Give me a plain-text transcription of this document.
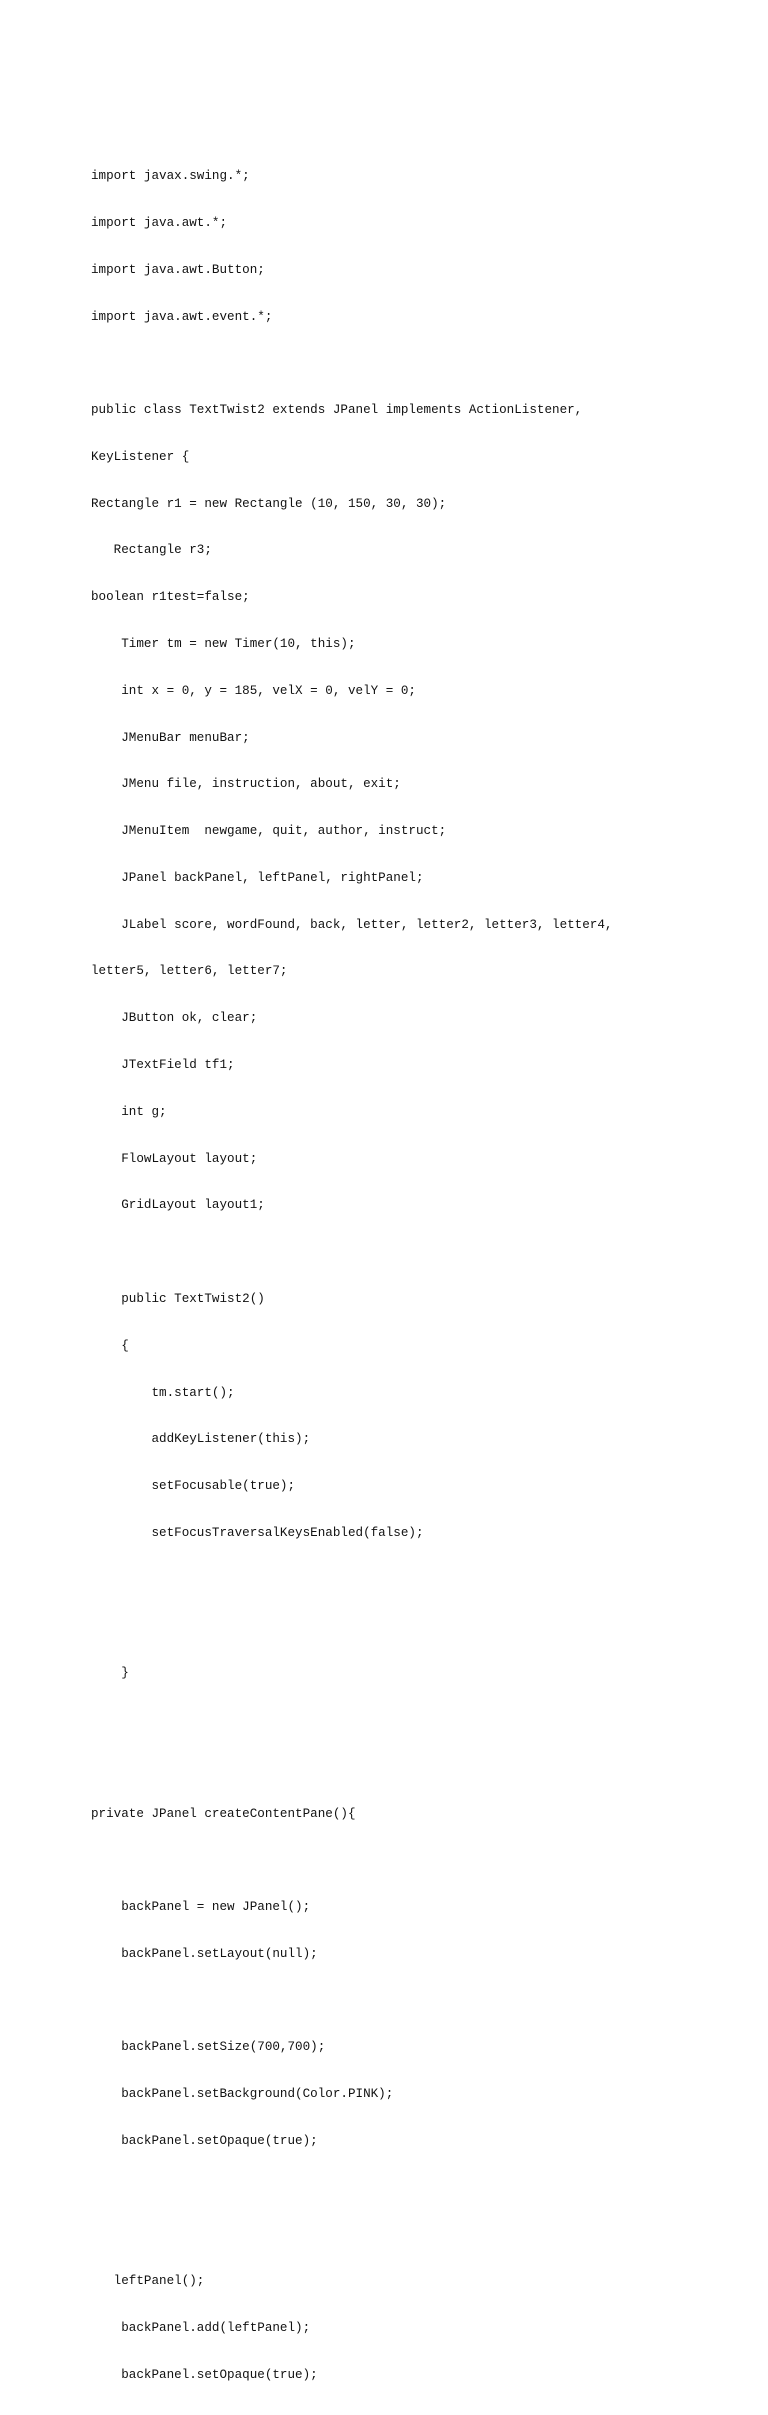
import javax.swing.*;

import java.awt.*;

import java.awt.Button;

import java.awt.event.*;

public class TextTwist2 extends JPanel implements ActionListener,

KeyListener {

Rectangle r1 = new Rectangle (10, 150, 30, 30);

Rectangle r3;

boolean r1test=false;

Timer tm = new Timer(10, this);

int x = 0, y = 185, velX = 0, velY = 0;

JMenuBar menuBar;

JMenu file, instruction, about, exit;

JMenuItem  newgame, quit, author, instruct;

JPanel backPanel, leftPanel, rightPanel;

JLabel score, wordFound, back, letter, letter2, letter3, letter4,

letter5, letter6, letter7;

JButton ok, clear;

JTextField tf1;

int g;

FlowLayout layout;

GridLayout layout1;

public TextTwist2()

{

tm.start();

addKeyListener(this);

setFocusable(true);

setFocusTraversalKeysEnabled(false);

}

private JPanel createContentPane(){

backPanel = new JPanel();

backPanel.setLayout(null);

backPanel.setSize(700,700);

backPanel.setBackground(Color.PINK);

backPanel.setOpaque(true);

leftPanel();

backPanel.add(leftPanel);

backPanel.setOpaque(true);
